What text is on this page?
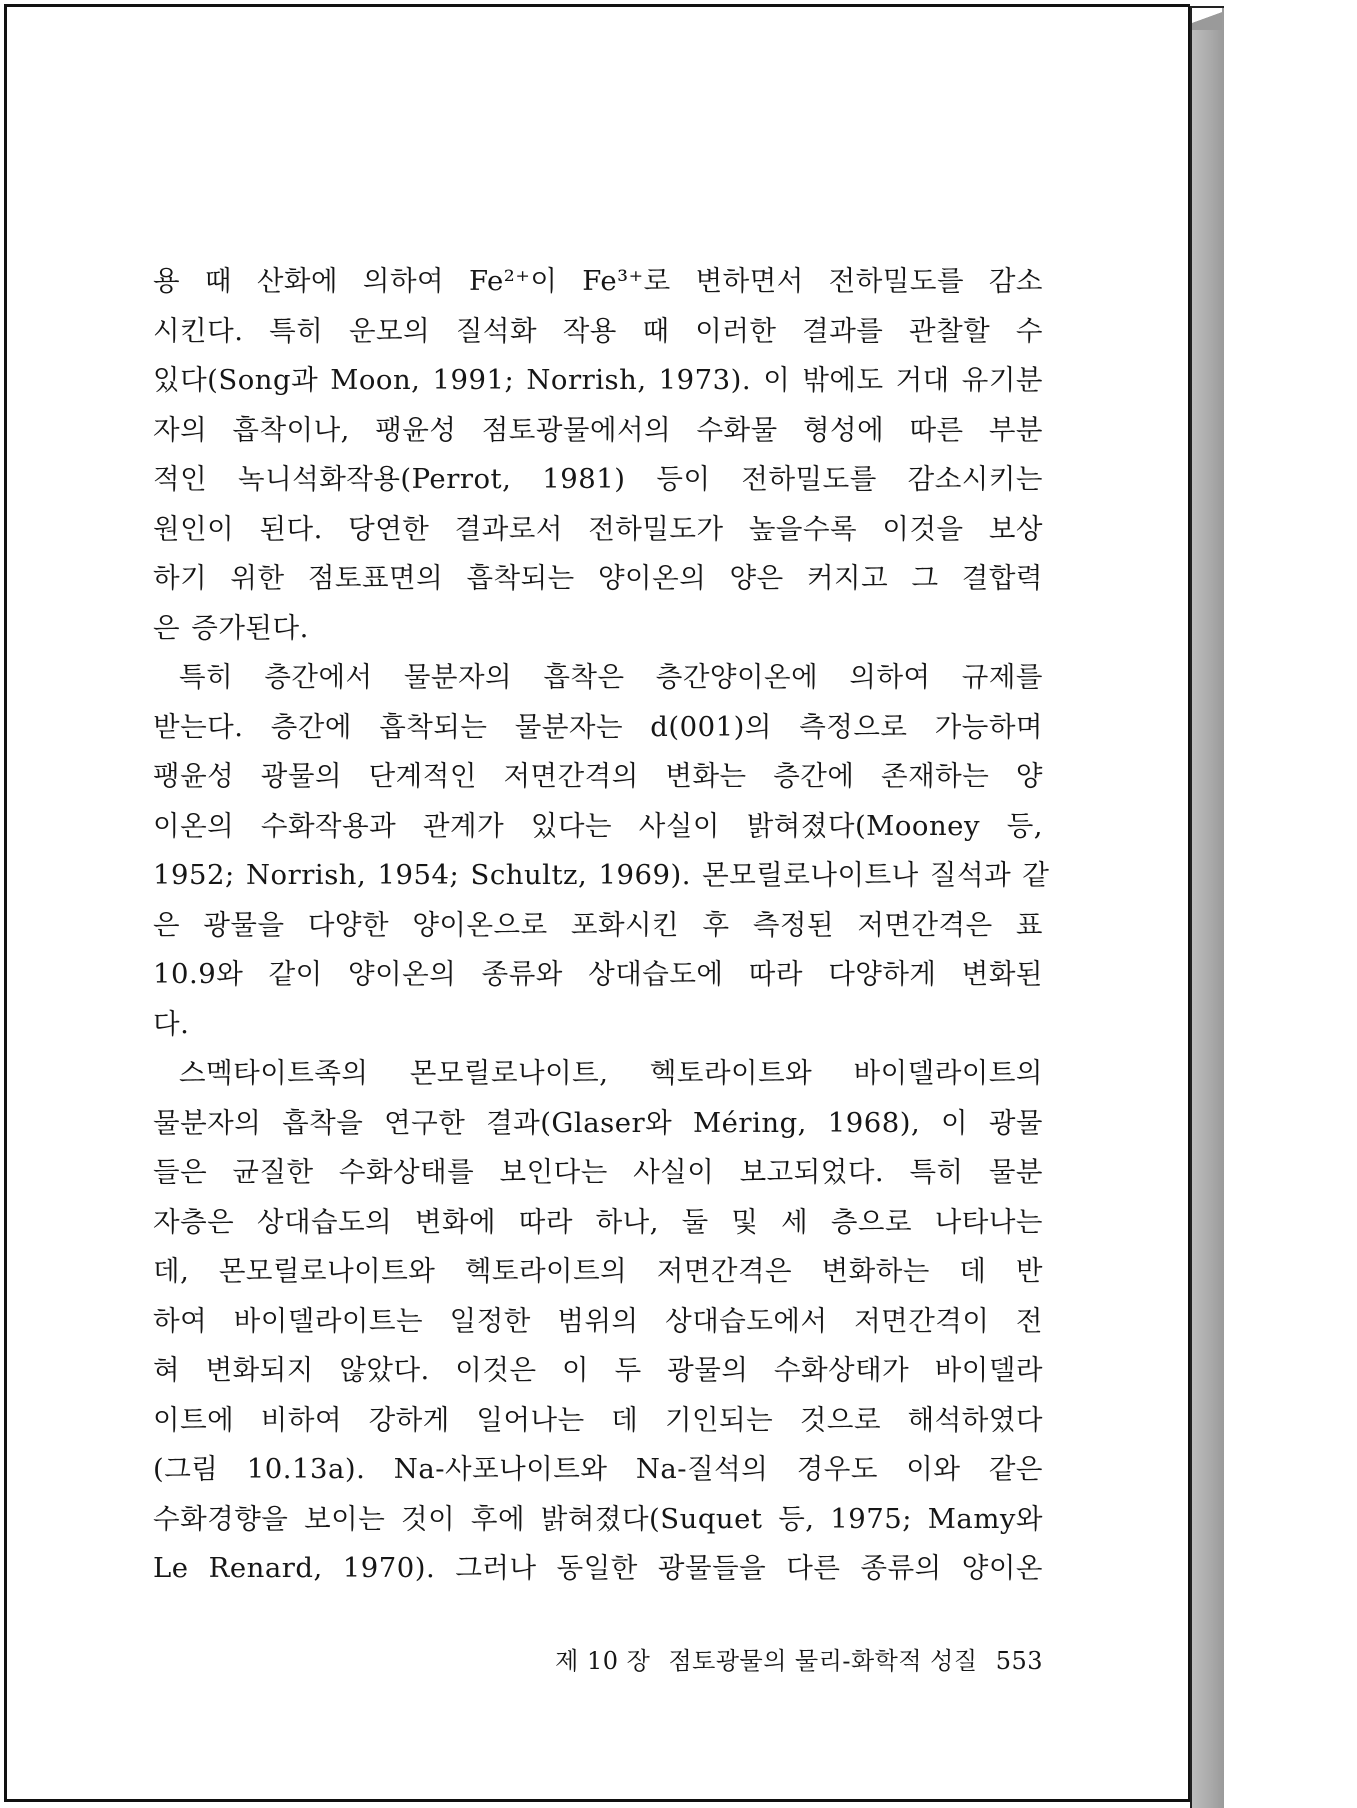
용 때 산화에 의하여 Fe²⁺이 Fe³⁺로 변하면서 전하밀도를 감소
시킨다. 특히 운모의 질석화 작용 때 이러한 결과를 관찰할 수
있다(Song과 Moon, 1991; Norrish, 1973). 이 밖에도 거대 유기분
자의 흡착이나, 팽윤성 점토광물에서의 수화물 형성에 따른 부분
적인 녹니석화작용(Perrot, 1981) 등이 전하밀도를 감소시키는
원인이 된다. 당연한 결과로서 전하밀도가 높을수록 이것을 보상
하기 위한 점토표면의 흡착되는 양이온의 양은 커지고 그 결합력
은 증가된다.
특히 층간에서 물분자의 흡착은 층간양이온에 의하여 규제를
받는다. 층간에 흡착되는 물분자는 d(001)의 측정으로 가능하며
팽윤성 광물의 단계적인 저면간격의 변화는 층간에 존재하는 양
이온의 수화작용과 관계가 있다는 사실이 밝혀졌다(Mooney 등,
1952; Norrish, 1954; Schultz, 1969). 몬모릴로나이트나 질석과 같
은 광물을 다양한 양이온으로 포화시킨 후 측정된 저면간격은 표
10.9와 같이 양이온의 종류와 상대습도에 따라 다양하게 변화된
다.
스멕타이트족의 몬모릴로나이트, 헥토라이트와 바이델라이트의
물분자의 흡착을 연구한 결과(Glaser와 Méring, 1968), 이 광물
들은 균질한 수화상태를 보인다는 사실이 보고되었다. 특히 물분
자층은 상대습도의 변화에 따라 하나, 둘 및 세 층으로 나타나는
데, 몬모릴로나이트와 헥토라이트의 저면간격은 변화하는 데 반
하여 바이델라이트는 일정한 범위의 상대습도에서 저면간격이 전
혀 변화되지 않았다. 이것은 이 두 광물의 수화상태가 바이델라
이트에 비하여 강하게 일어나는 데 기인되는 것으로 해석하였다
(그림 10.13a). Na-사포나이트와 Na-질석의 경우도 이와 같은
수화경향을 보이는 것이 후에 밝혀졌다(Suquet 등, 1975; Mamy와
Le Renard, 1970). 그러나 동일한 광물들을 다른 종류의 양이온
제 10 장 점토광물의 물리-화학적 성질 553
